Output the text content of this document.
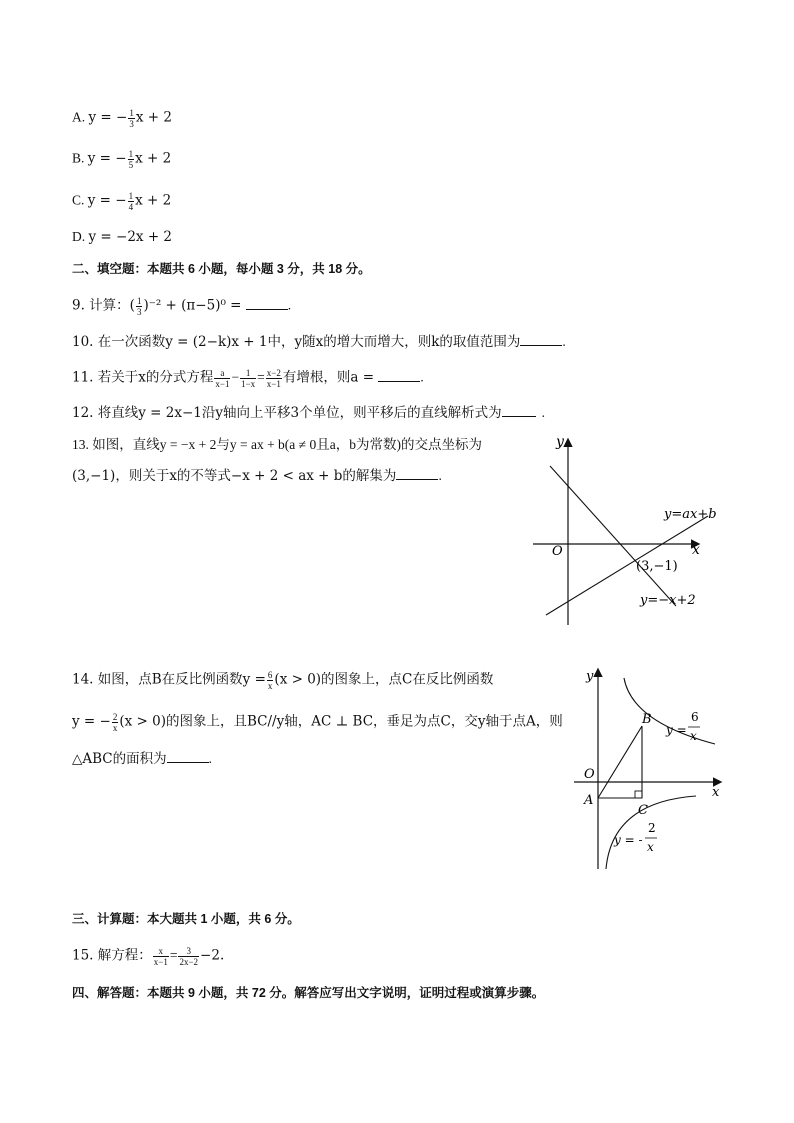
A. y = − $\frac{1}{3}$ x + 2
B. y = − $\frac{1}{5}$ x + 2
C. y = − $\frac{1}{4}$ x + 2
D. y = −2x + 2
二、填空题：本题共 6 小题，每小题 3 分，共 18 分。
9. 计算：( $\frac{1}{3} )^{-2} + (\pi-5)^0$ =	.
10. 在一次函数y = (2−k)x + 1中，y随x的增大而增大，则k的取值范围为	.
11. 若关于x的分式方程 $\frac{a}{x-1} - \frac{1}{1-x} = \frac{x-2}{x-1}$ 有增根，则a =	.
12. 将直线y = 2x−1沿y轴向上平移3个单位，则平移后的直线解析式为	.
13. 如图，直线y = −x + 2与y = ax + b(a ≠ 0且a，b为常数)的交点坐标为
(3,−1)，则关于x的不等式−x + 2 < ax + b的解集为	.
y
x
O
y=ax+b
(3,−1)
y=−x+2
14. 如图，点B在反比例函数$y = \frac{6}{x} (x > 0)$的图象上，点C在反比例函数
y = − $\frac{2}{x} (x > 0)$的图象上，且BC//y轴，AC ⊥ BC，垂足为点C，交y轴于点A，则
△ABC的面积为	.
y
x
O
A
B
C
y =
6
x
y = -
2
x
三、计算题：本大题共 1 小题，共 6 分。
15. 解方程： $\frac{x}{x-1} = \frac{3}{2x-2} -2$.
四、解答题：本题共 9 小题，共 72 分。解答应写出文字说明，证明过程或演算步骤。
